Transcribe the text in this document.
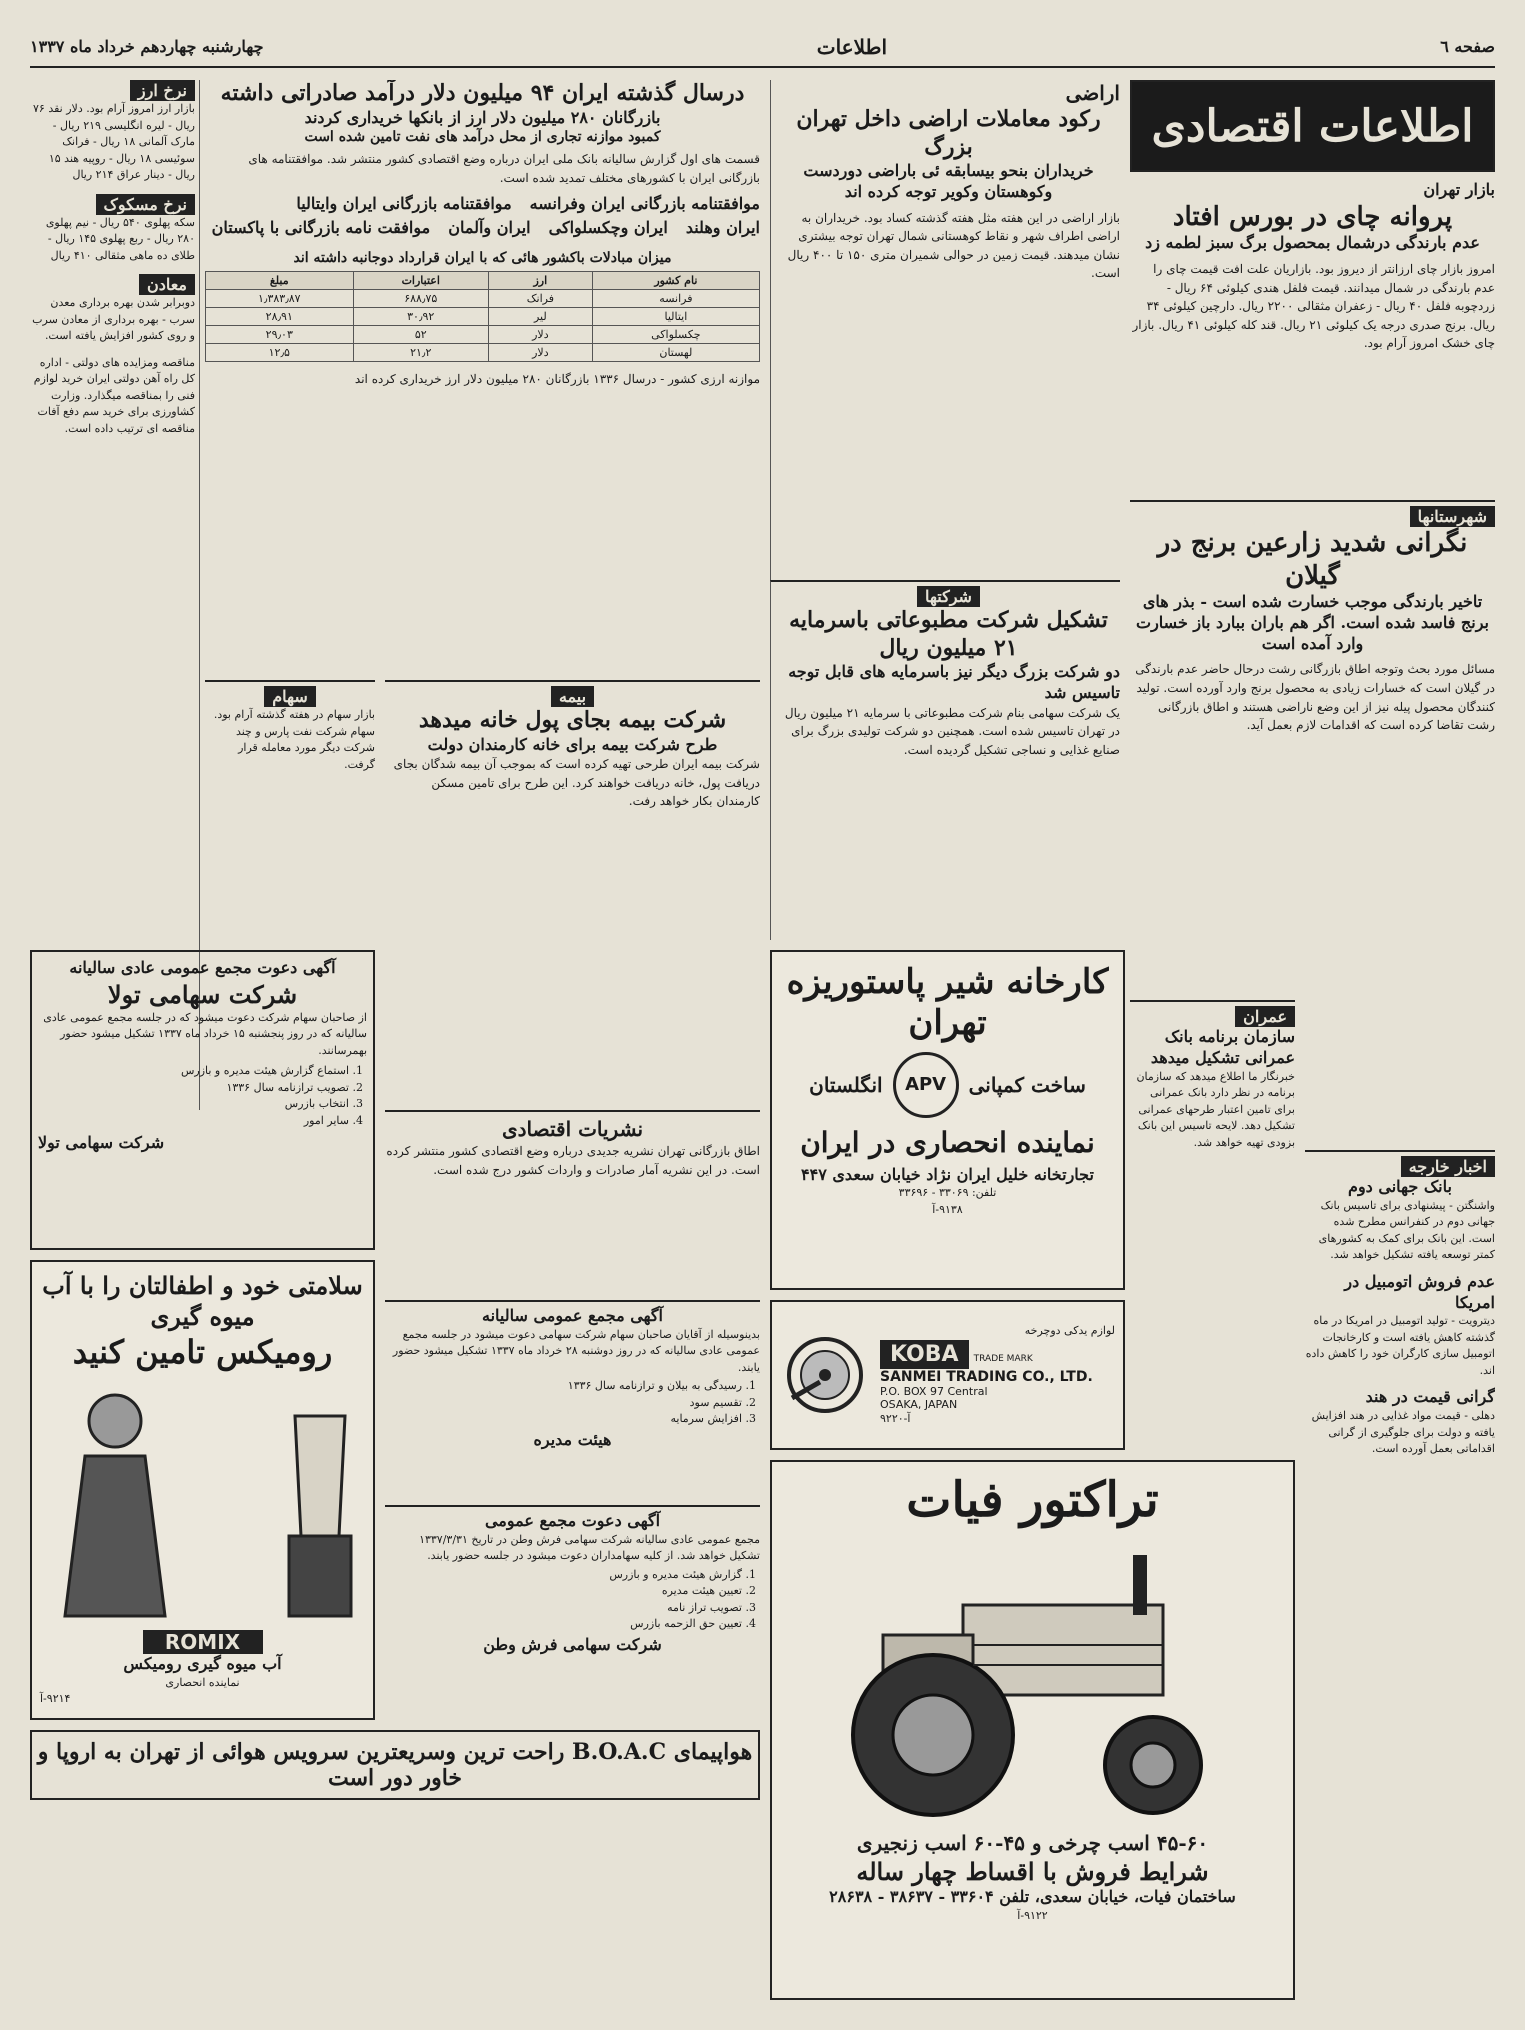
صفحه ٦
اطلاعات
چهارشنبه چهاردهم خرداد ماه ۱۳۳۷
اطلاعات اقتصادی
بازار تهران
پروانه چای در بورس افتاد
عدم بارندگی درشمال بمحصول برگ سبز لطمه زد
امروز بازار چای ارزانتر از دیروز بود. بازاریان علت افت قیمت چای را عدم بارندگی در شمال میدانند. قیمت فلفل هندی کیلوئی ۶۴ ریال - زردچوبه فلفل ۴۰ ریال - زعفران مثقالی ۲۲۰۰ ریال. دارچین کیلوئی ۳۴ ریال. برنج صدری درجه یک کیلوئی ۲۱ ریال. قند کله کیلوئی ۴۱ ریال. بازار چای خشک امروز آرام بود.
شهرستانها
نگرانی شدید زارعین برنج در گیلان
تاخیر بارندگی موجب خسارت شده است - بذر های برنج فاسد شده است. اگر هم باران ببارد باز خسارت وارد آمده است
مسائل مورد بحث وتوجه اطاق بازرگانی رشت درحال حاضر عدم بارندگی در گیلان است که خسارات زیادی به محصول برنج وارد آورده است. تولید کنندگان محصول پیله نیز از این وضع ناراضی هستند و اطاق بازرگانی رشت تقاضا کرده است که اقدامات لازم بعمل آید.
عمران
سازمان برنامه بانک عمرانی تشکیل میدهد
خبرنگار ما اطلاع میدهد که سازمان برنامه در نظر دارد بانک عمرانی برای تامین اعتبار طرحهای عمرانی تشکیل دهد. لایحه تاسیس این بانک بزودی تهیه خواهد شد.
اخبار خارجه
بانک جهانی دوم
واشنگتن - پیشنهادی برای تاسیس بانک جهانی دوم در کنفرانس مطرح شده است. این بانک برای کمک به کشورهای کمتر توسعه یافته تشکیل خواهد شد.
عدم فروش اتومبیل در امریکا
دیترویت - تولید اتومبیل در امریکا در ماه گذشته کاهش یافته است و کارخانجات اتومبیل سازی کارگران خود را کاهش داده اند.
گرانی قیمت در هند
دهلی - قیمت مواد غذایی در هند افزایش یافته و دولت برای جلوگیری از گرانی اقداماتی بعمل آورده است.
اراضی
رکود معاملات اراضی داخل تهران بزرگ
خریداران بنحو بیسابقه ئی باراضی دوردست وکوهستان وکویر توجه کرده اند
بازار اراضی در این هفته مثل هفته گذشته کساد بود. خریداران به اراضی اطراف شهر و نقاط کوهستانی شمال تهران توجه بیشتری نشان میدهند. قیمت زمین در حوالی شمیران متری ۱۵۰ تا ۴۰۰ ریال است.
شرکتها
تشکیل شرکت مطبوعاتی باسرمایه ۲۱ میلیون ریال
دو شرکت بزرگ دیگر نیز باسرمایه های قابل توجه تاسیس شد
یک شرکت سهامی بنام شرکت مطبوعاتی با سرمایه ۲۱ میلیون ریال در تهران تاسیس شده است. همچنین دو شرکت تولیدی بزرگ برای صنایع غذایی و نساجی تشکیل گردیده است.
کارخانه شیر پاستوریزه تهران
ساخت کمپانی
APV
انگلستان
نماینده انحصاری در ایران
تجارتخانه خلیل ایران نژاد خیابان سعدی ۴۴۷
تلفن: ۳۳۰۶۹ - ۳۳۶۹۶
۹۱۳۸-آ
لوازم یدکی دوچرخه
KOBA TRADE MARK
SANMEI TRADING CO., LTD.
P.O. BOX 97 Central
OSAKA, JAPAN
۹۲۲۰-آ
تراکتور فیات
۴۵-۶۰ اسب چرخی و ۴۵-۶۰ اسب زنجیری
شرایط فروش با اقساط چهار ساله
ساختمان فیات، خیابان سعدی، تلفن ۳۳۶۰۴ - ۳۸۶۳۷ - ۲۸۶۳۸
۹۱۲۲-آ
درسال گذشته ایران ۹۴ میلیون دلار درآمد صادراتی داشته
بازرگانان ۲۸۰ میلیون دلار ارز از بانکها خریداری کردند
کمبود موازنه تجاری از محل درآمد های نفت تامین شده است
قسمت های اول گزارش سالیانه بانک ملی ایران درباره وضع اقتصادی کشور منتشر شد. موافقتنامه های بازرگانی ایران با کشورهای مختلف تمدید شده است.
موافقتنامه بازرگانی ایران وفرانسه
موافقتنامه بازرگانی ایران وایتالیا
ایران وهلند
ایران وچکسلواکی
ایران وآلمان
موافقت نامه بازرگانی با پاکستان
میزان مبادلات باکشور هائی که با ایران قرارداد دوجانبه داشته اند
نام کشور	ارز	اعتبارات	مبلغ
فرانسه	فرانک	۶۸۸٫۷۵	۱٫۳۸۳٫۸۷
ایتالیا	لیر	۳۰٫۹۲	۲۸٫۹۱
چکسلواکی	دلار	۵۲	۲۹٫۰۳
لهستان	دلار	۲۱٫۲	۱۲٫۵
موازنه ارزی کشور - درسال ۱۳۳۶ بازرگانان ۲۸۰ میلیون دلار ارز خریداری کرده اند
نرخ ارز
بازار ارز امروز آرام بود. دلار نقد ۷۶ ریال - لیره انگلیسی ۲۱۹ ریال - مارک آلمانی ۱۸ ریال - فرانک سوئیسی ۱۸ ریال - روپیه هند ۱۵ ریال - دینار عراق ۲۱۴ ریال
نرخ مسکوک
سکه پهلوی ۵۴۰ ریال - نیم پهلوی ۲۸۰ ریال - ربع پهلوی ۱۴۵ ریال - طلای ده ماهی مثقالی ۴۱۰ ریال
معادن
دوبرابر شدن بهره برداری معدن سرب - بهره برداری از معادن سرب و روی کشور افزایش یافته است.
مناقصه ومزایده های دولتی - اداره کل راه آهن دولتی ایران خرید لوازم فنی را بمناقصه میگذارد. وزارت کشاورزی برای خرید سم دفع آفات مناقصه ای ترتیب داده است.
سهام
بازار سهام در هفته گذشته آرام بود. سهام شرکت نفت پارس و چند شرکت دیگر مورد معامله قرار گرفت.
بیمه
شرکت بیمه بجای پول خانه میدهد
طرح شرکت بیمه برای خانه کارمندان دولت
شرکت بیمه ایران طرحی تهیه کرده است که بموجب آن بیمه شدگان بجای دریافت پول، خانه دریافت خواهند کرد. این طرح برای تامین مسکن کارمندان بکار خواهد رفت.
نشریات اقتصادی
اطاق بازرگانی تهران نشریه جدیدی درباره وضع اقتصادی کشور منتشر کرده است. در این نشریه آمار صادرات و واردات کشور درج شده است.
آگهی دعوت مجمع عمومی عادی سالیانه
شرکت سهامی تولا
از صاحبان سهام شرکت دعوت میشود که در جلسه مجمع عمومی عادی سالیانه که در روز پنجشنبه ۱۵ خرداد ماه ۱۳۳۷ تشکیل میشود حضور بهمرسانند.
1. استماع گزارش هیئت مدیره و بازرس
2. تصویب ترازنامه سال ۱۳۳۶
3. انتخاب بازرس
4. سایر امور
شرکت سهامی تولا
آگهی مجمع عمومی سالیانه
بدینوسیله از آقایان صاحبان سهام شرکت سهامی دعوت میشود در جلسه مجمع عمومی عادی سالیانه که در روز دوشنبه ۲۸ خرداد ماه ۱۳۳۷ تشکیل میشود حضور یابند.
1. رسیدگی به بیلان و ترازنامه سال ۱۳۳۶
2. تقسیم سود
3. افزایش سرمایه
هیئت مدیره
آگهی دعوت مجمع عمومی
مجمع عمومی عادی سالیانه شرکت سهامی فرش وطن در تاریخ ۱۳۳۷/۳/۳۱ تشکیل خواهد شد. از کلیه سهامداران دعوت میشود در جلسه حضور یابند.
1. گزارش هیئت مدیره و بازرس
2. تعیین هیئت مدیره
3. تصویب تراز نامه
4. تعیین حق الزحمه بازرس
شرکت سهامی فرش وطن
سلامتی خود و اطفالتان را با آب میوه گیری
رومیکس تامین کنید
ROMIX
آب میوه گیری رومیکس
نماینده انحصاری
۹۲۱۴-آ
هواپیمای B.O.A.C راحت ترین وسریعترین سرویس هوائی از تهران به اروپا و خاور دور است
